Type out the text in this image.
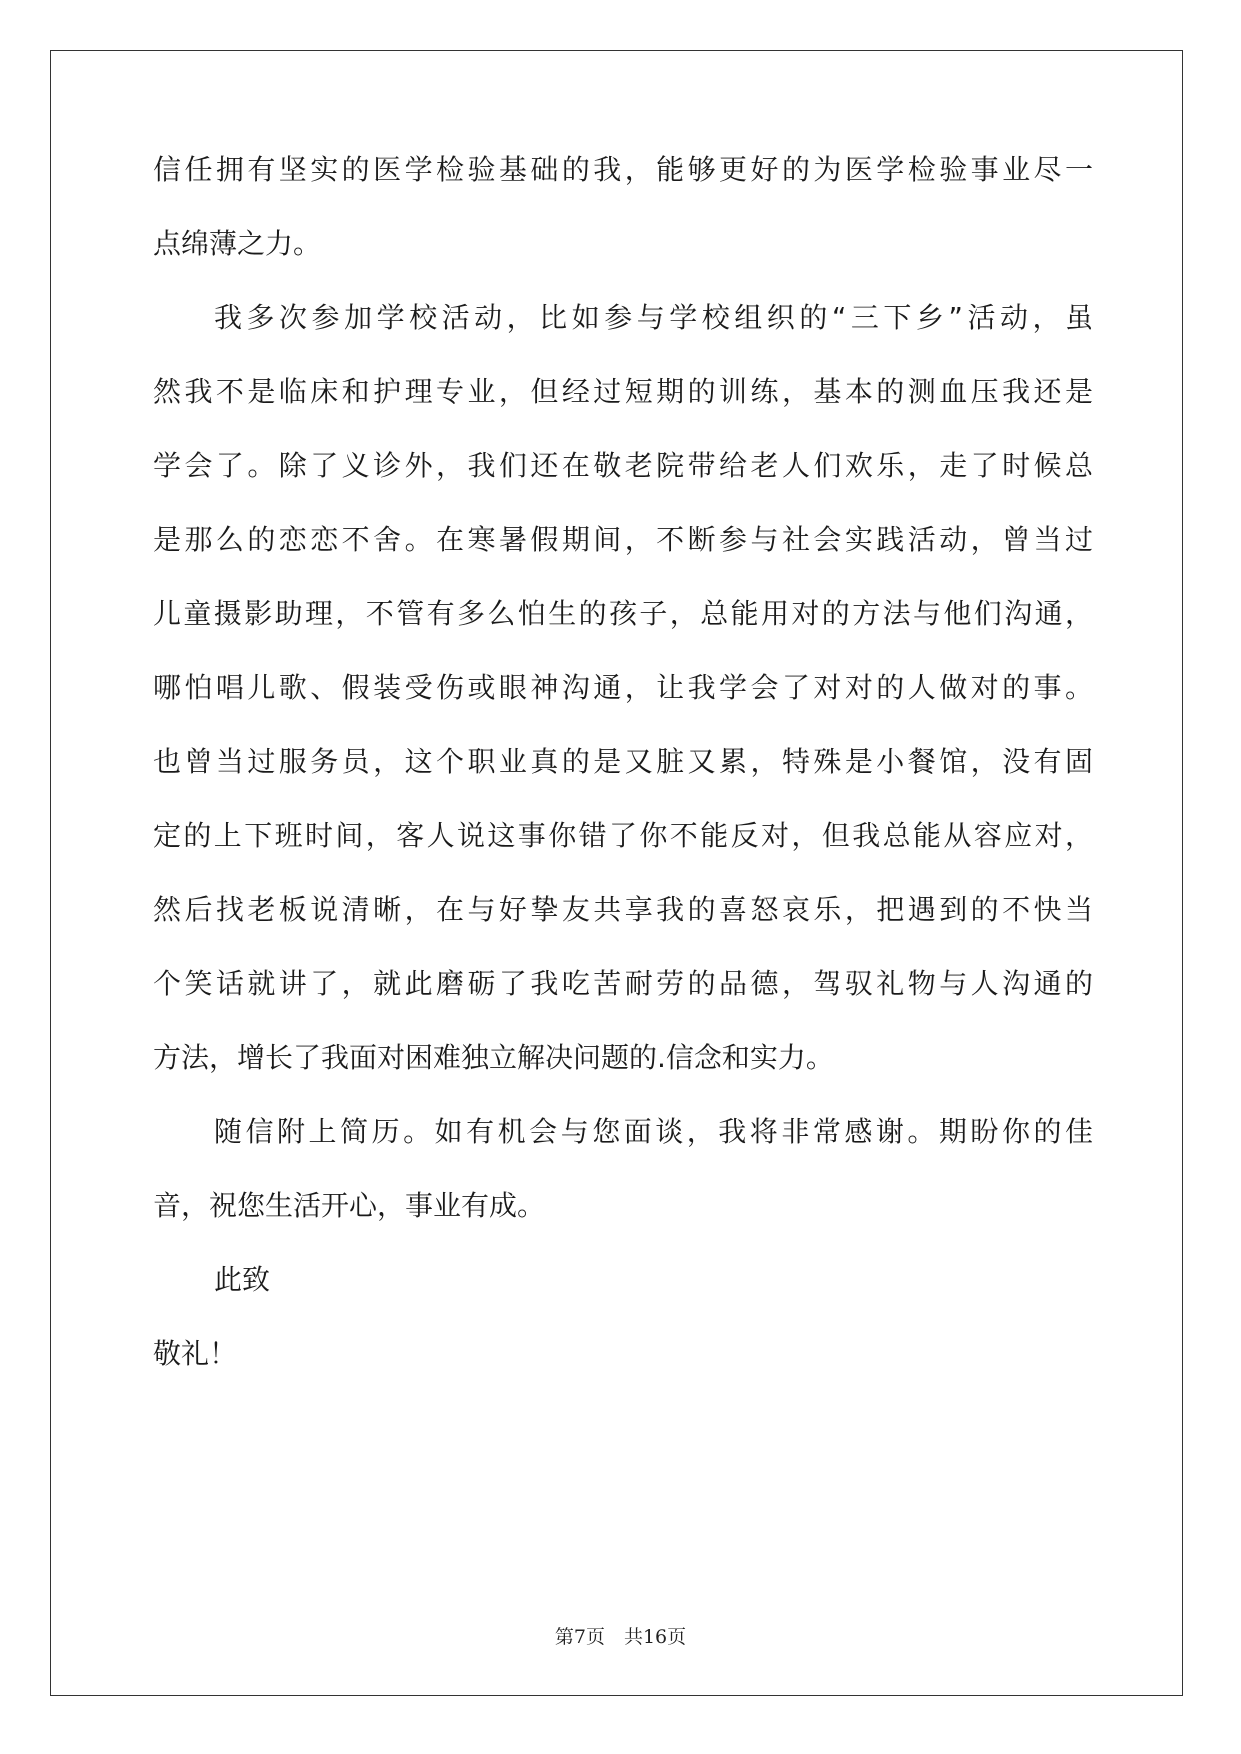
信任拥有坚实的医学检验基础的我，能够更好的为医学检验事业尽一
点绵薄之力。
我多次参加学校活动，比如参与学校组织的“三下乡”活动，虽
然我不是临床和护理专业，但经过短期的训练，基本的测血压我还是
学会了。除了义诊外，我们还在敬老院带给老人们欢乐，走了时候总
是那么的恋恋不舍。在寒暑假期间，不断参与社会实践活动，曾当过
儿童摄影助理，不管有多么怕生的孩子，总能用对的方法与他们沟通，
哪怕唱儿歌、假装受伤或眼神沟通，让我学会了对对的人做对的事。
也曾当过服务员，这个职业真的是又脏又累，特殊是小餐馆，没有固
定的上下班时间，客人说这事你错了你不能反对，但我总能从容应对，
然后找老板说清晰，在与好挚友共享我的喜怒哀乐，把遇到的不快当
个笑话就讲了，就此磨砺了我吃苦耐劳的品德，驾驭礼物与人沟通的
方法，增长了我面对困难独立解决问题的.信念和实力。
随信附上简历。如有机会与您面谈，我将非常感谢。期盼你的佳
音，祝您生活开心，事业有成。
此致
敬礼！
第7页　共16页
